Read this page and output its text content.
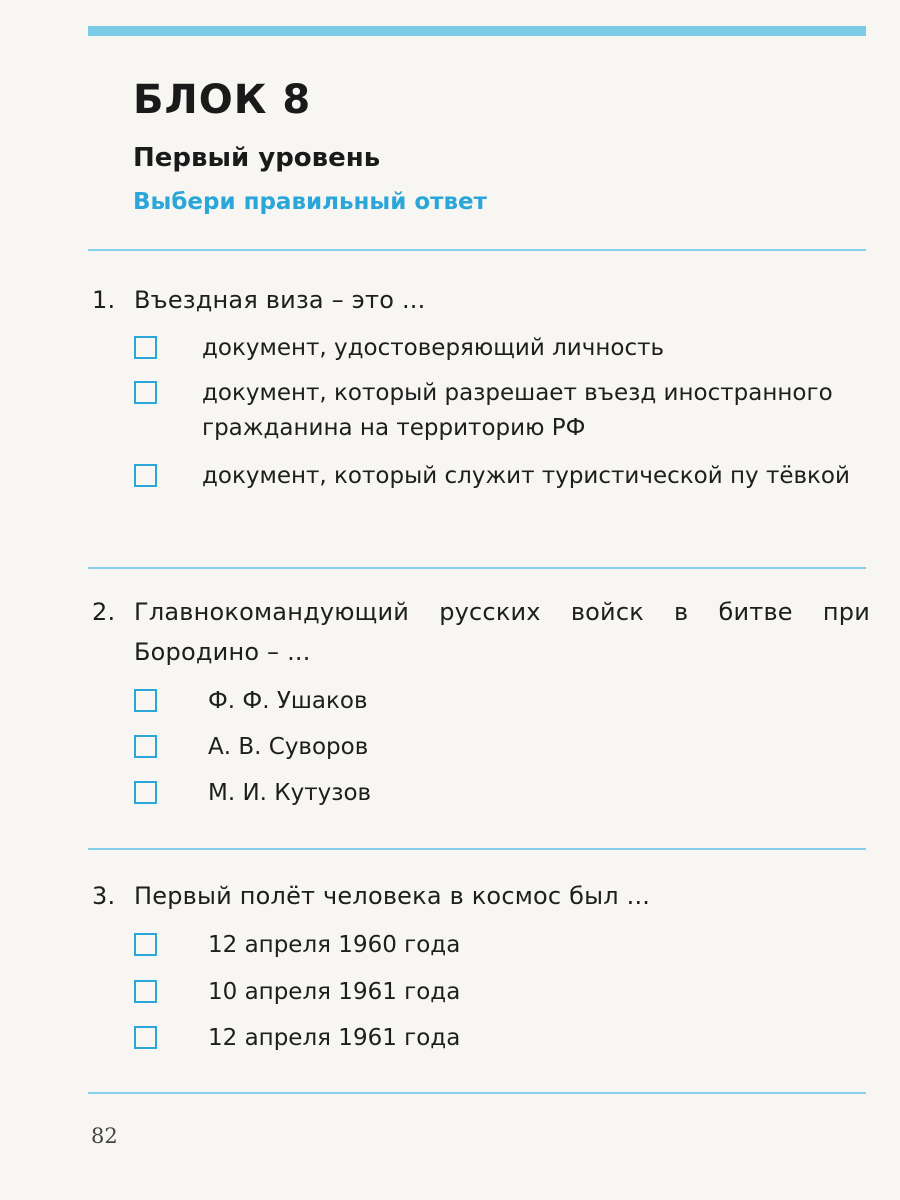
БЛОК 8
Первый уровень
Выбери правильный ответ
1. Въездная виза – это ...
документ, удостоверяющий личность
документ, который разрешает въезд иностранного гражданина на территорию РФ
документ, который служит туристической пу тёвкой
2. Главнокомандующий русских войск в битве при Бородино – ...
Ф. Ф. Ушаков
А. В. Суворов
М. И. Кутузов
3. Первый полёт человека в космос был ...
12 апреля 1960 года
10 апреля 1961 года
12 апреля 1961 года
82
